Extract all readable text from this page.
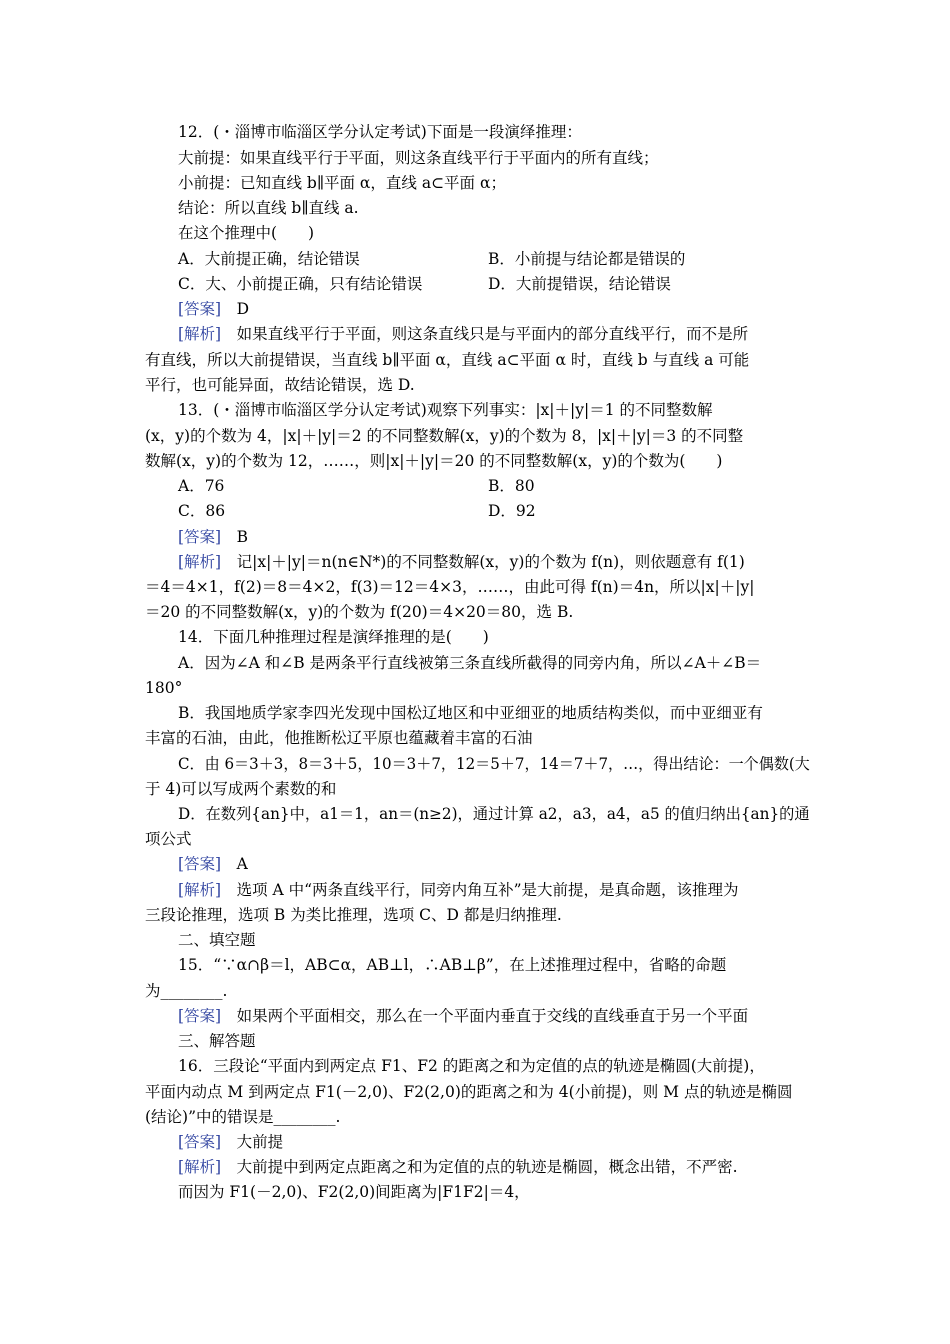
12．(・淄博市临淄区学分认定考试)下面是一段演绎推理：
大前提：如果直线平行于平面，则这条直线平行于平面内的所有直线；
小前提：已知直线 b∥平面 α，直线 a⊂平面 α；
结论：所以直线 b∥直线 a.
在这个推理中(　　)
A．大前提正确，结论错误	B．小前提与结论都是错误的
C．大、小前提正确，只有结论错误	D．大前提错误，结论错误
[答案]　 D
[解析]　 如果直线平行于平面，则这条直线只是与平面内的部分直线平行，而不是所
有直线，所以大前提错误，当直线 b∥平面 α，直线 a⊂平面 α 时，直线 b 与直线 a 可能
平行，也可能异面，故结论错误，选 D.
13．(・淄博市临淄区学分认定考试)观察下列事实：|x|＋|y|＝1 的不同整数解
(x，y)的个数为 4，|x|＋|y|＝2 的不同整数解(x，y)的个数为 8，|x|＋|y|＝3 的不同整
数解(x，y)的个数为 12，……，则|x|＋|y|＝20 的不同整数解(x，y)的个数为(　　)
A．76	B．80
C．86	D．92
[答案]　 B
[解析]　 记|x|＋|y|＝n(n∈N*)的不同整数解(x，y)的个数为 f(n)，则依题意有 f(1)
＝4＝4×1，f(2)＝8＝4×2，f(3)＝12＝4×3，……，由此可得 f(n)＝4n，所以|x|＋|y|
＝20 的不同整数解(x，y)的个数为 f(20)＝4×20＝80，选 B.
14．下面几种推理过程是演绎推理的是(　　)
A．因为∠A 和∠B 是两条平行直线被第三条直线所截得的同旁内角，所以∠A＋∠B＝
180°
B．我国地质学家李四光发现中国松辽地区和中亚细亚的地质结构类似，而中亚细亚有
丰富的石油，由此，他推断松辽平原也蕴藏着丰富的石油
C．由 6＝3＋3，8＝3＋5，10＝3＋7，12＝5＋7，14＝7＋7，…，得出结论：一个偶数(大
于 4)可以写成两个素数的和
D．在数列{an}中，a1＝1，an＝(n≥2)，通过计算 a2，a3，a4，a5 的值归纳出{an}的通
项公式
[答案]　 A
[解析]　 选项 A 中“两条直线平行，同旁内角互补”是大前提，是真命题，该推理为
三段论推理，选项 B 为类比推理，选项 C、D 都是归纳推理.
二、填空题
15．“∵α∩β＝l，AB⊂α，AB⊥l，∴AB⊥β”，在上述推理过程中，省略的命题
为________.
[答案]　 如果两个平面相交，那么在一个平面内垂直于交线的直线垂直于另一个平面
三、解答题
16．三段论“平面内到两定点 F1、F2 的距离之和为定值的点的轨迹是椭圆(大前提)，
平面内动点 M 到两定点 F1(－2,0)、F2(2,0)的距离之和为 4(小前提)，则 M 点的轨迹是椭圆
(结论)”中的错误是________.
[答案]　 大前提
[解析]　 大前提中到两定点距离之和为定值的点的轨迹是椭圆，概念出错，不严密.
而因为 F1(－2,0)、F2(2,0)间距离为|F1F2|＝4，
